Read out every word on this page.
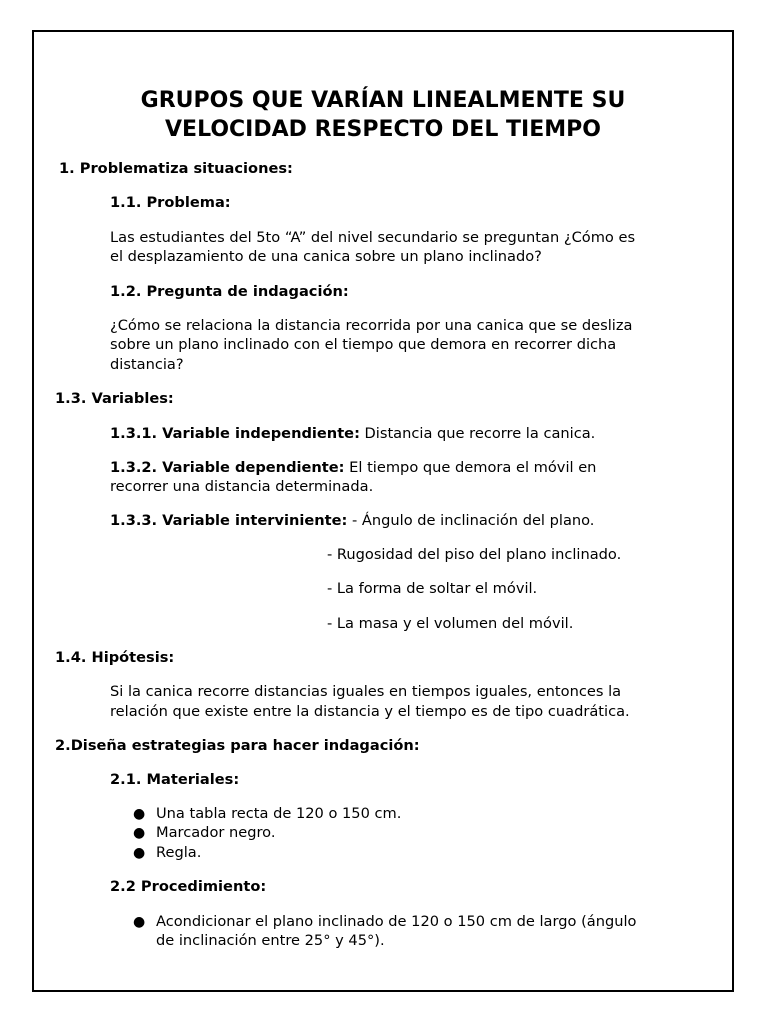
GRUPOS QUE VARÍAN LINEALMENTE SU
VELOCIDAD RESPECTO DEL TIEMPO
1. Problematiza situaciones:
1.1. Problema:
Las estudiantes del 5to “A” del nivel secundario se preguntan ¿Cómo es
el desplazamiento de una canica sobre un plano inclinado?
1.2. Pregunta de indagación:
¿Cómo se relaciona la distancia recorrida por una canica que se desliza
sobre un plano inclinado con el tiempo que demora en recorrer dicha
distancia?
1.3. Variables:
1.3.1. Variable independiente: Distancia que recorre la canica.
1.3.2. Variable dependiente: El tiempo que demora el móvil en
recorrer una distancia determinada.
1.3.3. Variable interviniente: - Ángulo de inclinación del plano.
- Rugosidad del piso del plano inclinado.
- La forma de soltar el móvil.
- La masa y el volumen del móvil.
1.4. Hipótesis:
Si la canica recorre distancias iguales en tiempos iguales, entonces la
relación que existe entre la distancia y el tiempo es de tipo cuadrática.
2.Diseña estrategias para hacer indagación:
2.1. Materiales:
● Una tabla recta de 120 o 150 cm.
● Marcador negro.
● Regla.
2.2 Procedimiento:
● Acondicionar el plano inclinado de 120 o 150 cm de largo (ángulo
de inclinación entre 25° y 45°).
